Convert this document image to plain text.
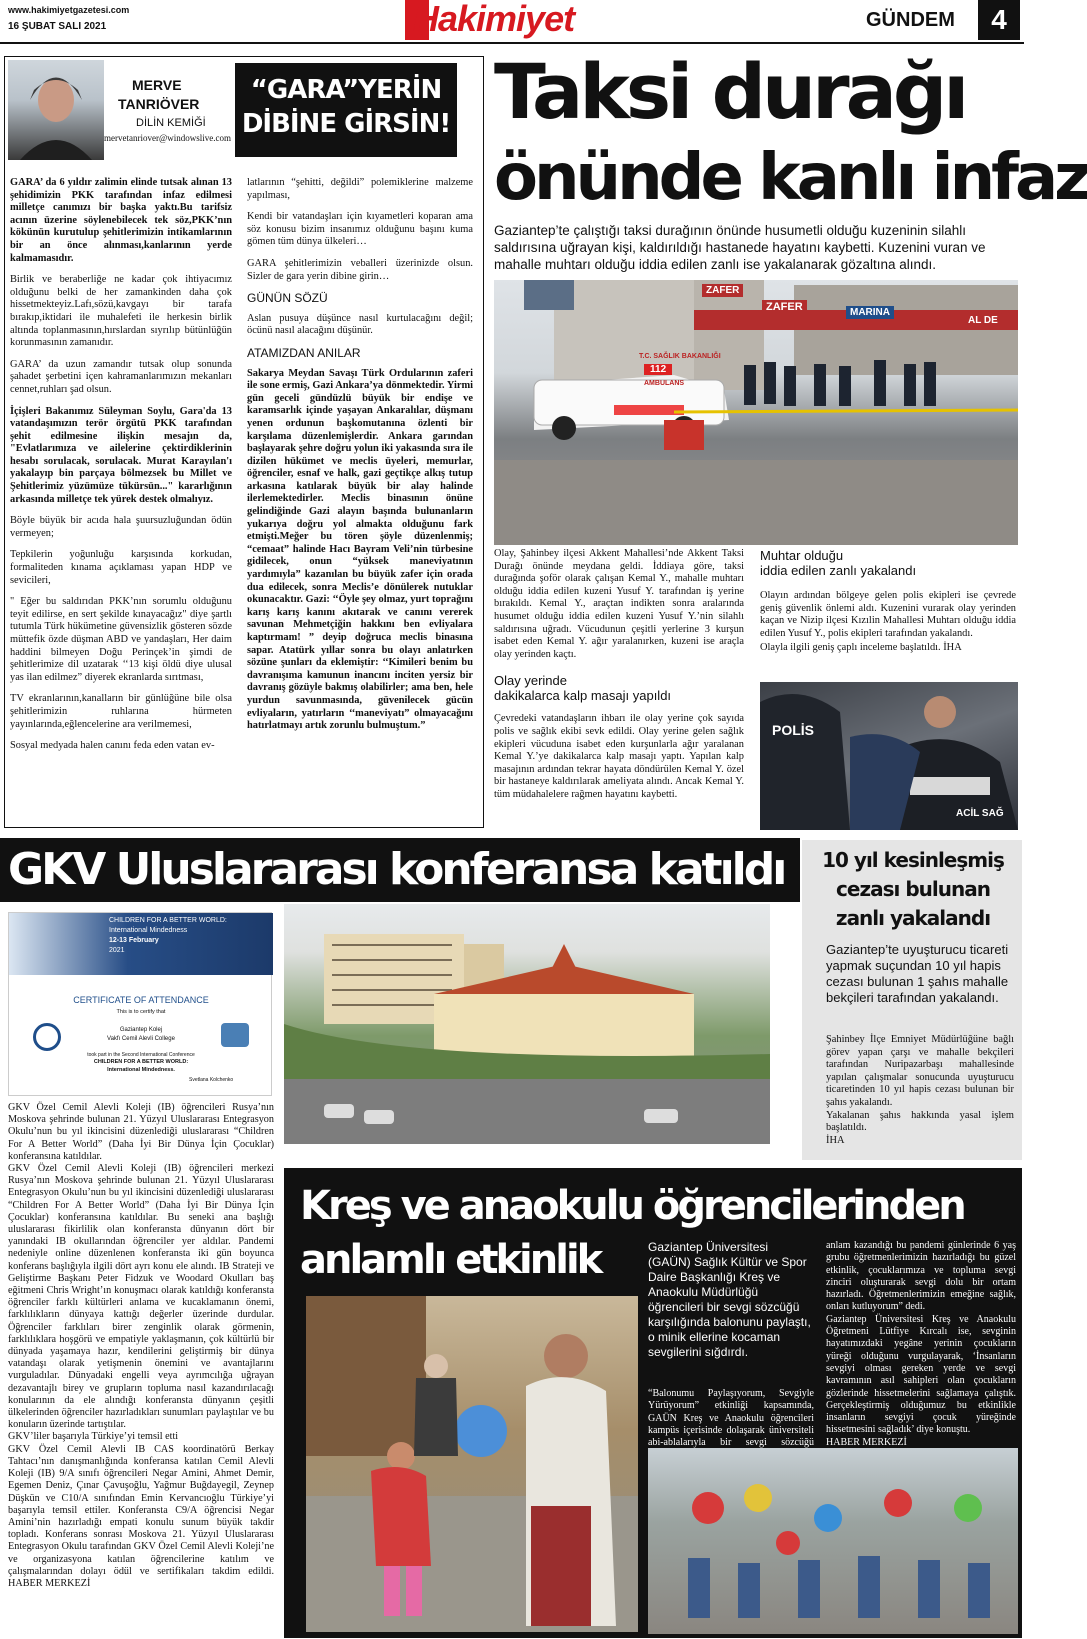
www.hakimiyetgazetesi.com
16 ŞUBAT SALI 2021	Hakimiyet	GÜNDEM	4
MERVE
TANRIÖVER
DİLİN KEMİĞİ
mervetanriover@windowslive.com
“GARA”YERİN
DİBİNE GİRSİN!

GARA’ da 6 yıldır zalimin elinde tutsak alınan 13 şehidimizin PKK tarafından infaz edilmesi milletçe canımızı bir başka yaktı.Bu tarifsiz acının üzerine söylenebilecek tek söz,PKK’nın kökünün kurutulup şehitlerimizin intikamlarının bir an önce alınması,kanlarının yerde kalmamasıdır.

Birlik ve beraberliğe ne kadar çok ihtiyacımız olduğunu belki de her zamankinden daha çok hissetmekteyiz.Lafı,sözü,kavgayı bir tarafa bırakıp,iktidari ile muhalefeti ile herkesin birlik altında toplanmasının,hırslardan sıyrılıp bütünlüğün korunmasının zamanıdır.

GARA’ da uzun zamandır tutsak olup sonunda şahadet şerbetini içen kahramanlarımızın mekanları cennet,ruhları şad olsun.

İçişleri Bakanımız Süleyman Soylu, Gara'da 13 vatandaşımızın terör örgütü PKK tarafından şehit edilmesine ilişkin mesajın da, "Evlatlarımıza ve ailelerine çektirdiklerinin hesabı sorulacak, sorulacak. Murat Karayılan'ı yakalayıp bin parçaya bölmezsek bu Millet ve Şehitlerimiz yüzümüze tükürsün..." kararlığının arkasında milletçe tek yürek destek olmalıyız.

Böyle büyük bir acıda hala şuursuzluğundan ödün vermeyen;

Tepkilerin yoğunluğu karşısında korkudan, formaliteden kınama açıklaması yapan HDP ve sevicileri,

" Eğer bu saldırıdan PKK’nın sorumlu olduğunu teyit edilirse, en sert şekilde kınayacağız" diye şartlı tutumla Türk hükümetine güvensizlik gösteren sözde müttefik özde düşman ABD ve yandaşları, Her daim haddini bilmeyen Doğu Perinçek’in şimdi de şehitlerimize dil uzatarak ‘‘13 kişi öldü diye ulusal yas ilan edilmez” diyerek ekranlarda sırıtması,

TV ekranlarının,kanalların bir günlüğüne bile olsa şehitlerimizin ruhlarına hürmeten yayınlarında,eğlencelerine ara verilmemesi,

Sosyal medyada halen canını feda eden vatan ev-

latlarının “şehitti, değildi” polemiklerine malzeme yapılması,

Kendi bir vatandaşları için kıyametleri koparan ama söz konusu bizim insanımız olduğunu başını kuma gömen tüm dünya ülkeleri…

GARA şehitlerimizin veballeri üzerinizde olsun. Sizler de gara yerin dibine girin…

GÜNÜN SÖZÜ

Aslan pusuya düşünce nasıl kurtulacağını değil; öcünü nasıl alacağını düşünür.

ATAMIZDAN ANILAR

Sakarya Meydan Savaşı Türk Ordularının zaferi ile sone ermiş, Gazi Ankara’ya dönmektedir. Yirmi gün geceli gündüzlü büyük bir endişe ve karamsarlık içinde yaşayan Ankaralılar, düşmanı yenen ordunun başkomutanına özlenti bir karşılama düzenlemişlerdir. Ankara garından başlayarak şehre doğru yolun iki yakasında sıra ile dizilen hükümet ve meclis üyeleri, memurlar, öğrenciler, esnaf ve halk, gazi geçtikçe alkış tutup arkasına katılarak büyük bir alay halinde ilerlemektedirler. Meclis binasının önüne gelindiğinde Gazi alayın başında bulunanların yukarıya doğru yol almakta olduğunu fark etmişti.Meğer bu tören şöyle düzenlenmiş; “cemaat” halinde Hacı Bayram Veli’nin türbesine gidilecek, onun “yüksek maneviyatının yardımıyla” kazanılan bu büyük zafer için orada dua edilecek, sonra Meclis’e dönülerek nutuklar okunacaktır. Gazi: ‘‘Öyle şey olmaz, yurt toprağını karış karış kanını akıtarak ve canını vererek savunan Mehmetçiğin hakkını ben evliyalara kaptırmam! ” deyip doğruca meclis binasına sapar. Atatürk yıllar sonra bu olayı anlatırken sözüne şunları da eklemiştir: ‘‘Kimileri benim bu davranışıma kamunun inancını inciten yersiz bir davranış gözüyle bakmış olabilirler; ama ben, hele yurdun savunmasında, güvenilecek gücün evliyaların, yatırların ‘‘maneviyatı” olmayacağını hatırlatmayı artık zorunlu bulmuştum.”

Taksi durağı
önünde kanlı infaz
Gaziantep’te çalıştığı taksi durağının önünde husumetli olduğu kuzeninin silahlı saldırısına uğrayan kişi, kaldırıldığı hastanede hayatını kaybetti. Kuzenini vuran ve mahalle muhtarı olduğu iddia edilen zanlı ise yakalanarak gözaltına alındı.
ZAFER
ZAFER	MARINA
AL DE
T.C. SAĞLIK BAKANLIĞI
112
AMBULANS

Olay, Şahinbey ilçesi Akkent Mahallesi’nde Akkent Taksi Durağı önünde meydana geldi. İddiaya göre, taksi durağında şoför olarak çalışan Kemal Y., mahalle muhtarı olduğu iddia edilen kuzeni Yusuf Y. tarafından iş yerine bırakıldı. Kemal Y., araçtan indikten sonra aralarında husumet olduğu iddia edilen kuzeni Yusuf Y.’nin silahlı saldırısına uğradı. Vücudunun çeşitli yerlerine 3 kurşun isabet eden Kemal Y. ağır yaralanırken, kuzeni ise araçla olay yerinden kaçtı.

Olay yerinde
dakikalarca kalp masajı yapıldı

Çevredeki vatandaşların ihbarı ile olay yerine çok sayıda polis ve sağlık ekibi sevk edildi. Olay yerine gelen sağlık ekipleri vücuduna isabet eden kurşunlarla ağır yaralanan Kemal Y.’ye dakikalarca kalp masajı yaptı. Yapılan kalp masajının ardından tekrar hayata döndürülen Kemal Y. özel bir hastaneye kaldırılarak ameliyata alındı. Ancak Kemal Y. tüm müdahalelere rağmen hayatını kaybetti.

Muhtar olduğu
iddia edilen zanlı yakalandı

Olayın ardından bölgeye gelen polis ekipleri ise çevrede geniş güvenlik önlemi aldı. Kuzenini vurarak olay yerinden kaçan ve Nizip ilçesi Kızılin Mahallesi Muhtarı olduğu iddia edilen Yusuf Y., polis ekipleri tarafından yakalandı.

Olayla ilgili geniş çaplı inceleme başlatıldı. İHA

POLİS
ACİL SAĞ
GKV Uluslararası konferansa katıldı
CHILDREN FOR A BETTER WORLD:
International Mindedness
12-13 February
2021
CERTIFICATE OF ATTENDANCE
This is to certify that
Gaziantep Kolej
Vakfı Cemil Alevli College
took part in the Second International Conference
CHILDREN FOR A BETTER WORLD:
International Mindedness.
Svetlana Kolchenko

GKV Özel Cemil Alevli Koleji (IB) öğrencileri Rusya’nın Moskova şehrinde bulunan 21. Yüzyıl Uluslararası Entegrasyon Okulu’nun bu yıl ikincisini düzenlediği uluslararası “Children For A Better World” (Daha İyi Bir Dünya İçin Çocuklar) konferansına katıldılar.

GKV Özel Cemil Alevli Koleji (IB) öğrencileri merkezi Rusya’nın Moskova şehrinde bulunan 21. Yüzyıl Uluslararası Entegrasyon Okulu’nun bu yıl ikincisini düzenlediği uluslararası “Children For A Better World” (Daha İyi Bir Dünya İçin Çocuklar) konferansına katıldılar. Bu seneki ana başlığı uluslararası fikirlilik olan konferansta dünyanın dört bir yanındaki IB okullarından öğrenciler yer aldılar. Pandemi nedeniyle online düzenlenen konferansta iki gün boyunca konferans başlığıyla ilgili dört ayrı konu ele alındı. IB Strateji ve Geliştirme Başkanı Peter Fidzuk ve Woodard Okulları baş eğitmeni Chris Wright’ın konuşmacı olarak katıldığı konferansta öğrenciler farklı kültürleri anlama ve kucaklamanın önemi, farklılıkların dünyaya kattığı değerler üzerinde durdular. Öğrenciler farklıları birer zenginlik olarak görmenin, farklılıklara hoşgörü ve empatiyle yaklaşmanın, çok kültürlü bir dünyada yaşamaya hazır, kendilerini geliştirmiş bir dünya vatandaşı olarak yetişmenin önemini ve avantajlarını vurguladılar. Dünyadaki engelli veya ayrımcılığa uğrayan dezavantajlı birey ve grupların topluma nasıl kazandırılacağı konularının da ele alındığı konferansta dünyanın çeşitli ülkelerinden öğrenciler hazırladıkları sunumları paylaştılar ve bu konuların üzerinde tartıştılar.

GKV’liler başarıyla Türkiye’yi temsil etti

GKV Özel Cemil Alevli IB CAS koordinatörü Berkay Tahtacı’nın danışmanlığında konferansa katılan Cemil Alevli Koleji (IB) 9/A sınıfı öğrencileri Negar Amini, Ahmet Demir, Egemen Deniz, Çınar Çavuşoğlu, Yağmur Buğdayegil, Zeynep Düşkün ve C10/A sınıfından Emin Kervancıoğlu Türkiye’yi başarıyla temsil ettiler. Konferansta C9/A öğrencisi Negar Amini’nin hazırladığı empati konulu sunum büyük takdir topladı. Konferans sonrası Moskova 21. Yüzyıl Uluslararası Entegrasyon Okulu tarafından GKV Özel Cemil Alevli Koleji’ne ve organizasyona katılan öğrencilerine katılım ve çalışmalarından dolayı ödül ve sertifikaları takdim edildi. HABER MERKEZİ

10 yıl kesinleşmiş
cezası bulunan
zanlı yakalandı
Gaziantep’te uyuşturucu ticareti yapmak suçundan 10 yıl hapis cezası bulunan 1 şahıs mahalle bekçileri tarafından yakalandı.

Şahinbey İlçe Emniyet Müdürlüğüne bağlı görev yapan çarşı ve mahalle bekçileri tarafından Nuripazarbaşı mahallesinde yapılan çalışmalar sonucunda uyuşturucu ticaretinden 10 yıl hapis cezası bulunan bir şahıs yakalandı.

Yakalanan şahıs hakkında yasal işlem başlatıldı.

İHA

Kreş ve anaokulu öğrencilerinden
anlamlı etkinlik	Gaziantep Üniversitesi (GAÜN) Sağlık Kültür ve Spor Daire Başkanlığı Kreş ve Anaokulu Müdürlüğü öğrencileri bir sevgi sözcüğü karşılığında balonunu paylaştı, o minik ellerine kocaman sevgilerini sığdırdı.
“Balonumu Paylaşıyorum, Sevgiyle Yürüyorum” etkinliği kapsamında, GAÜN Kreş ve Anaokulu öğrencileri kampüs içerisinde dolaşarak üniversiteli abi-ablalarıyla bir sevgi sözcüğü

anlam kazandığı bu pandemi günlerinde 6 yaş grubu öğretmenlerimizin hazırladığı bu güzel etkinlik, çocuklarımıza ve topluma sevgi zinciri oluşturarak sevgi dolu bir ortam hazırladı. Öğretmenlerimizin emeğine sağlık, onları kutluyorum” dedi.

Gaziantep Üniversitesi Kreş ve Anaokulu Öğretmeni Lütfiye Kırcalı ise, sevginin hayatımızdaki yegâne yerinin çocukların yüreği olduğunu vurgulayarak, ‘İnsanların sevgiyi olması gereken yerde ve sevgi kavramının asıl sahipleri olan çocukların gözlerinde hissetmelerini sağlamaya çalıştık. Gerçekleştirmiş olduğumuz bu etkinlikle insanların sevgiyi çocuk yüreğinde hissetmesini sağladık’ diye konuştu.

HABER MERKEZİ
